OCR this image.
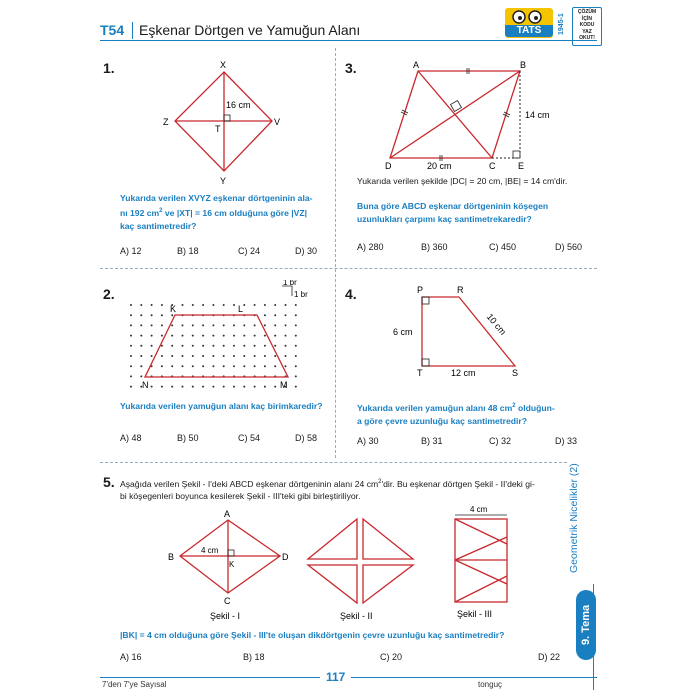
T54 Eşkenar Dörtgen ve Yamuğun Alanı	TATS	1945-1
ÇÖZÜM
İÇİN
KODU
YAZ
OKUT!
1.	X
Z	V
Y
T
16 cm
Yukarıda verilen XVYZ eşkenar dörtgeninin ala-
nı 192 $cm^2$ ve |XT| = 16 cm olduğuna göre |VZ|
kaç santimetredir?
A) 12	B) 18	C) 24	D) 30
3.	A	B
C
D	E
20 cm
14 cm
Yukarıda verilen şekilde |DC| = 20 cm, |BE| = 14 cm'dir.
Buna göre ABCD eşkenar dörtgeninin köşegen
uzunlukları çarpımı kaç santimetrekaredir?
A) 280	B) 360	C) 450	D) 560
2.
K	L
N	M
1 br
1 br
Yukarıda verilen yamuğun alanı kaç birimkaredir?
A) 48	B) 50	C) 54	D) 58
4.	P	R
T	S
6 cm
12 cm
10 cm
Yukarıda verilen yamuğun alanı 48 $cm^2$ olduğun-
a göre çevre uzunluğu kaç santimetredir?
A) 30	B) 31	C) 32	D) 33
5. Aşağıda verilen Şekil - I'deki ABCD eşkenar dörtgeninin alanı 24 $cm^2'dir$. Bu eşkenar dörtgen Şekil - II'deki gi-
bi köşegenleri boyunca kesilerek Şekil - III'teki gibi birleştiriliyor.
A
B
C
D
K
4 cm
Şekil - I	Şekil - II
4 cm
Şekil - III
|BK| = 4 cm olduğuna göre Şekil - III'te oluşan dikdörtgenin çevre uzunluğu kaç santimetredir?
A) 16	B) 18	C) 20	D) 22
Geometrik Nicelikler (2)
9. Tema
7'den 7'ye Sayısal
117
tonguç
